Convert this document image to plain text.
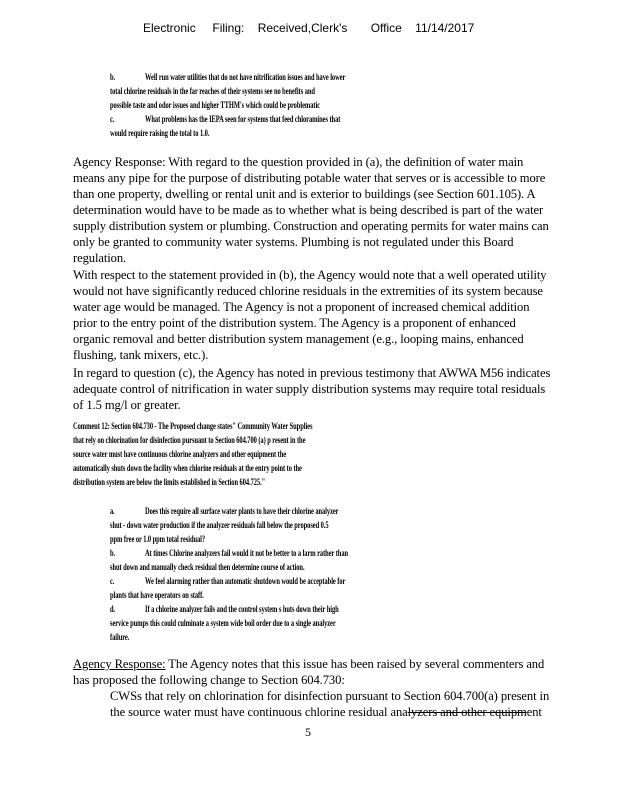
Electronic     Filing:    Received,Clerk's       Office    11/14/2017
b.	Well run water utilities that do not have nitrification issues and have lower
total chlorine residuals in the far reaches of their systems see no benefits and
possible taste and odor issues and higher TTHM's which could be problematic
c.	What problems has the IEPA seen for systems that feed chloramines that
would require raising the total to 1.0.
Agency Response: With regard to the question provided in (a), the definition of water main
means any pipe for the purpose of distributing potable water that serves or is accessible to more
than one property, dwelling or rental unit and is exterior to buildings (see Section 601.105). A
determination would have to be made as to whether what is being described is part of the water
supply distribution system or plumbing. Construction and operating permits for water mains can
only be granted to community water systems. Plumbing is not regulated under this Board
regulation.
With respect to the statement provided in (b), the Agency would note that a well operated utility
would not have significantly reduced chlorine residuals in the extremities of its system because
water age would be managed. The Agency is not a proponent of increased chemical addition
prior to the entry point of the distribution system. The Agency is a proponent of enhanced
organic removal and better distribution system management (e.g., looping mains, enhanced
flushing, tank mixers, etc.).
In regard to question (c), the Agency has noted in previous testimony that AWWA M56 indicates
adequate control of nitrification in water supply distribution systems may require total residuals
of 1.5 mg/l or greater.
Comment 12: Section 604.730 - The Proposed change states" Community Water Supplies
that rely on chlorination for disinfection pursuant to Section 604.700 (a) p resent in the
source water must have continuous chlorine analyzers and other equipment the
automatically shuts down the facility when chlorine residuals at the entry point to the
distribution system are below the limits established in Section 604.725."
a.	Does this require all surface water plants to have their chlorine analyzer
shut - down water production if the analyzer residuals fall below the proposed 0.5
ppm free or 1.0 ppm total residual?
b.	At times Chlorine analyzers fail would it not be better to a larm rather than
shut down and manually check residual then determine course of action.
c.	We feel alarming rather than automatic shutdown would be acceptable for
plants that have operators on staff.
d.	If a chlorine analyzer fails and the control system s huts down their high
service pumps this could culminate a system wide boil order due to a single analyzer
failure.
Agency Response: The Agency notes that this issue has been raised by several commenters and
has proposed the following change to Section 604.730:
CWSs that rely on chlorination for disinfection pursuant to Section 604.700(a) present in
the source water must have continuous chlorine residual analyzers and other equipment
5
